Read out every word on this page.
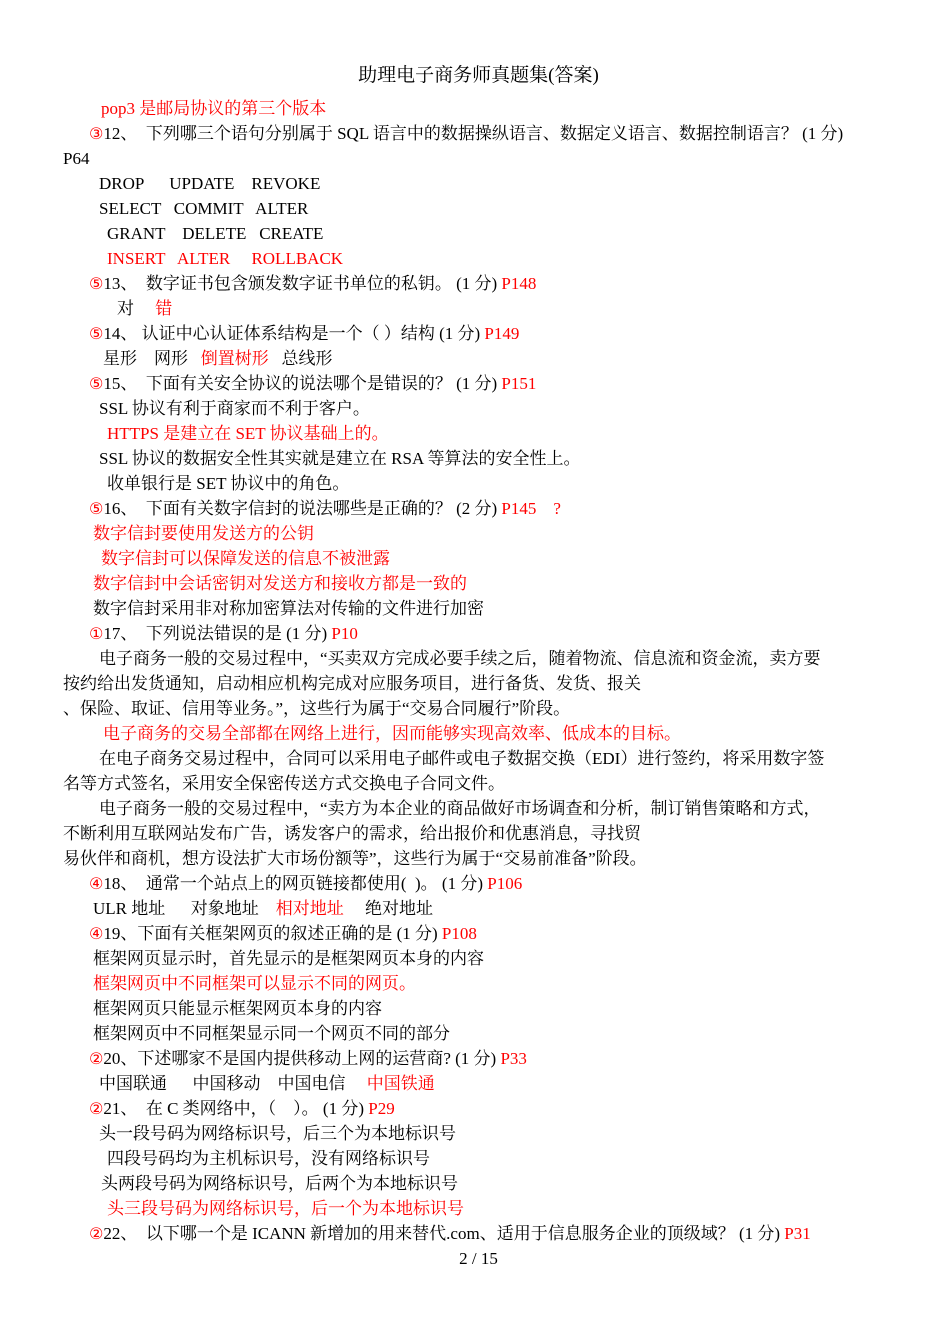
助理电子商务师真题集(答案)
pop3 是邮局协议的第三个版本
③12、  下列哪三个语句分别属于 SQL 语言中的数据操纵语言、数据定义语言、数据控制语言？ (1 分)
P64
DROP      UPDATE    REVOKE
SELECT   COMMIT   ALTER
GRANT    DELETE   CREATE
INSERT   ALTER     ROLLBACK
⑤13、  数字证书包含颁发数字证书单位的私钥。 (1 分) P148
对     错
⑤14、 认证中心认证体系结构是一个（ ）结构 (1 分) P149
星形    网形   倒置树形   总线形
⑤15、  下面有关安全协议的说法哪个是错误的？ (1 分) P151
SSL 协议有利于商家而不利于客户。
HTTPS 是建立在 SET 协议基础上的。
SSL 协议的数据安全性其实就是建立在 RSA 等算法的安全性上。
收单银行是 SET 协议中的角色。
⑤16、  下面有关数字信封的说法哪些是正确的？ (2 分) P145    ?
数字信封要使用发送方的公钥
数字信封可以保障发送的信息不被泄露
数字信封中会话密钥对发送方和接收方都是一致的
数字信封采用非对称加密算法对传输的文件进行加密
①17、  下列说法错误的是 (1 分) P10
电子商务一般的交易过程中，“买卖双方完成必要手续之后，随着物流、信息流和资金流，卖方要
按约给出发货通知，启动相应机构完成对应服务项目，进行备货、发货、报关
、保险、取证、信用等业务。”，这些行为属于“交易合同履行”阶段。
电子商务的交易全部都在网络上进行，因而能够实现高效率、低成本的目标。
在电子商务交易过程中，合同可以采用电子邮件或电子数据交换（EDI）进行签约，将采用数字签
名等方式签名，采用安全保密传送方式交换电子合同文件。
电子商务一般的交易过程中，“卖方为本企业的商品做好市场调查和分析，制订销售策略和方式，
不断利用互联网站发布广告，诱发客户的需求，给出报价和优惠消息，寻找贸
易伙伴和商机，想方设法扩大市场份额等”，这些行为属于“交易前准备”阶段。
④18、  通常一个站点上的网页链接都使用(  )。 (1 分) P106
ULR 地址      对象地址    相对地址     绝对地址
④19、下面有关框架网页的叙述正确的是 (1 分) P108
框架网页显示时，首先显示的是框架网页本身的内容
框架网页中不同框架可以显示不同的网页。
框架网页只能显示框架网页本身的内容
框架网页中不同框架显示同一个网页不同的部分
②20、下述哪家不是国内提供移动上网的运营商? (1 分) P33
中国联通      中国移动    中国电信     中国铁通
②21、  在 C 类网络中，（    ）。 (1 分) P29
头一段号码为网络标识号，后三个为本地标识号
四段号码均为主机标识号，没有网络标识号
头两段号码为网络标识号，后两个为本地标识号
头三段号码为网络标识号，后一个为本地标识号
②22、  以下哪一个是 ICANN 新增加的用来替代.com、适用于信息服务企业的顶级域？ (1 分) P31
2 / 15
